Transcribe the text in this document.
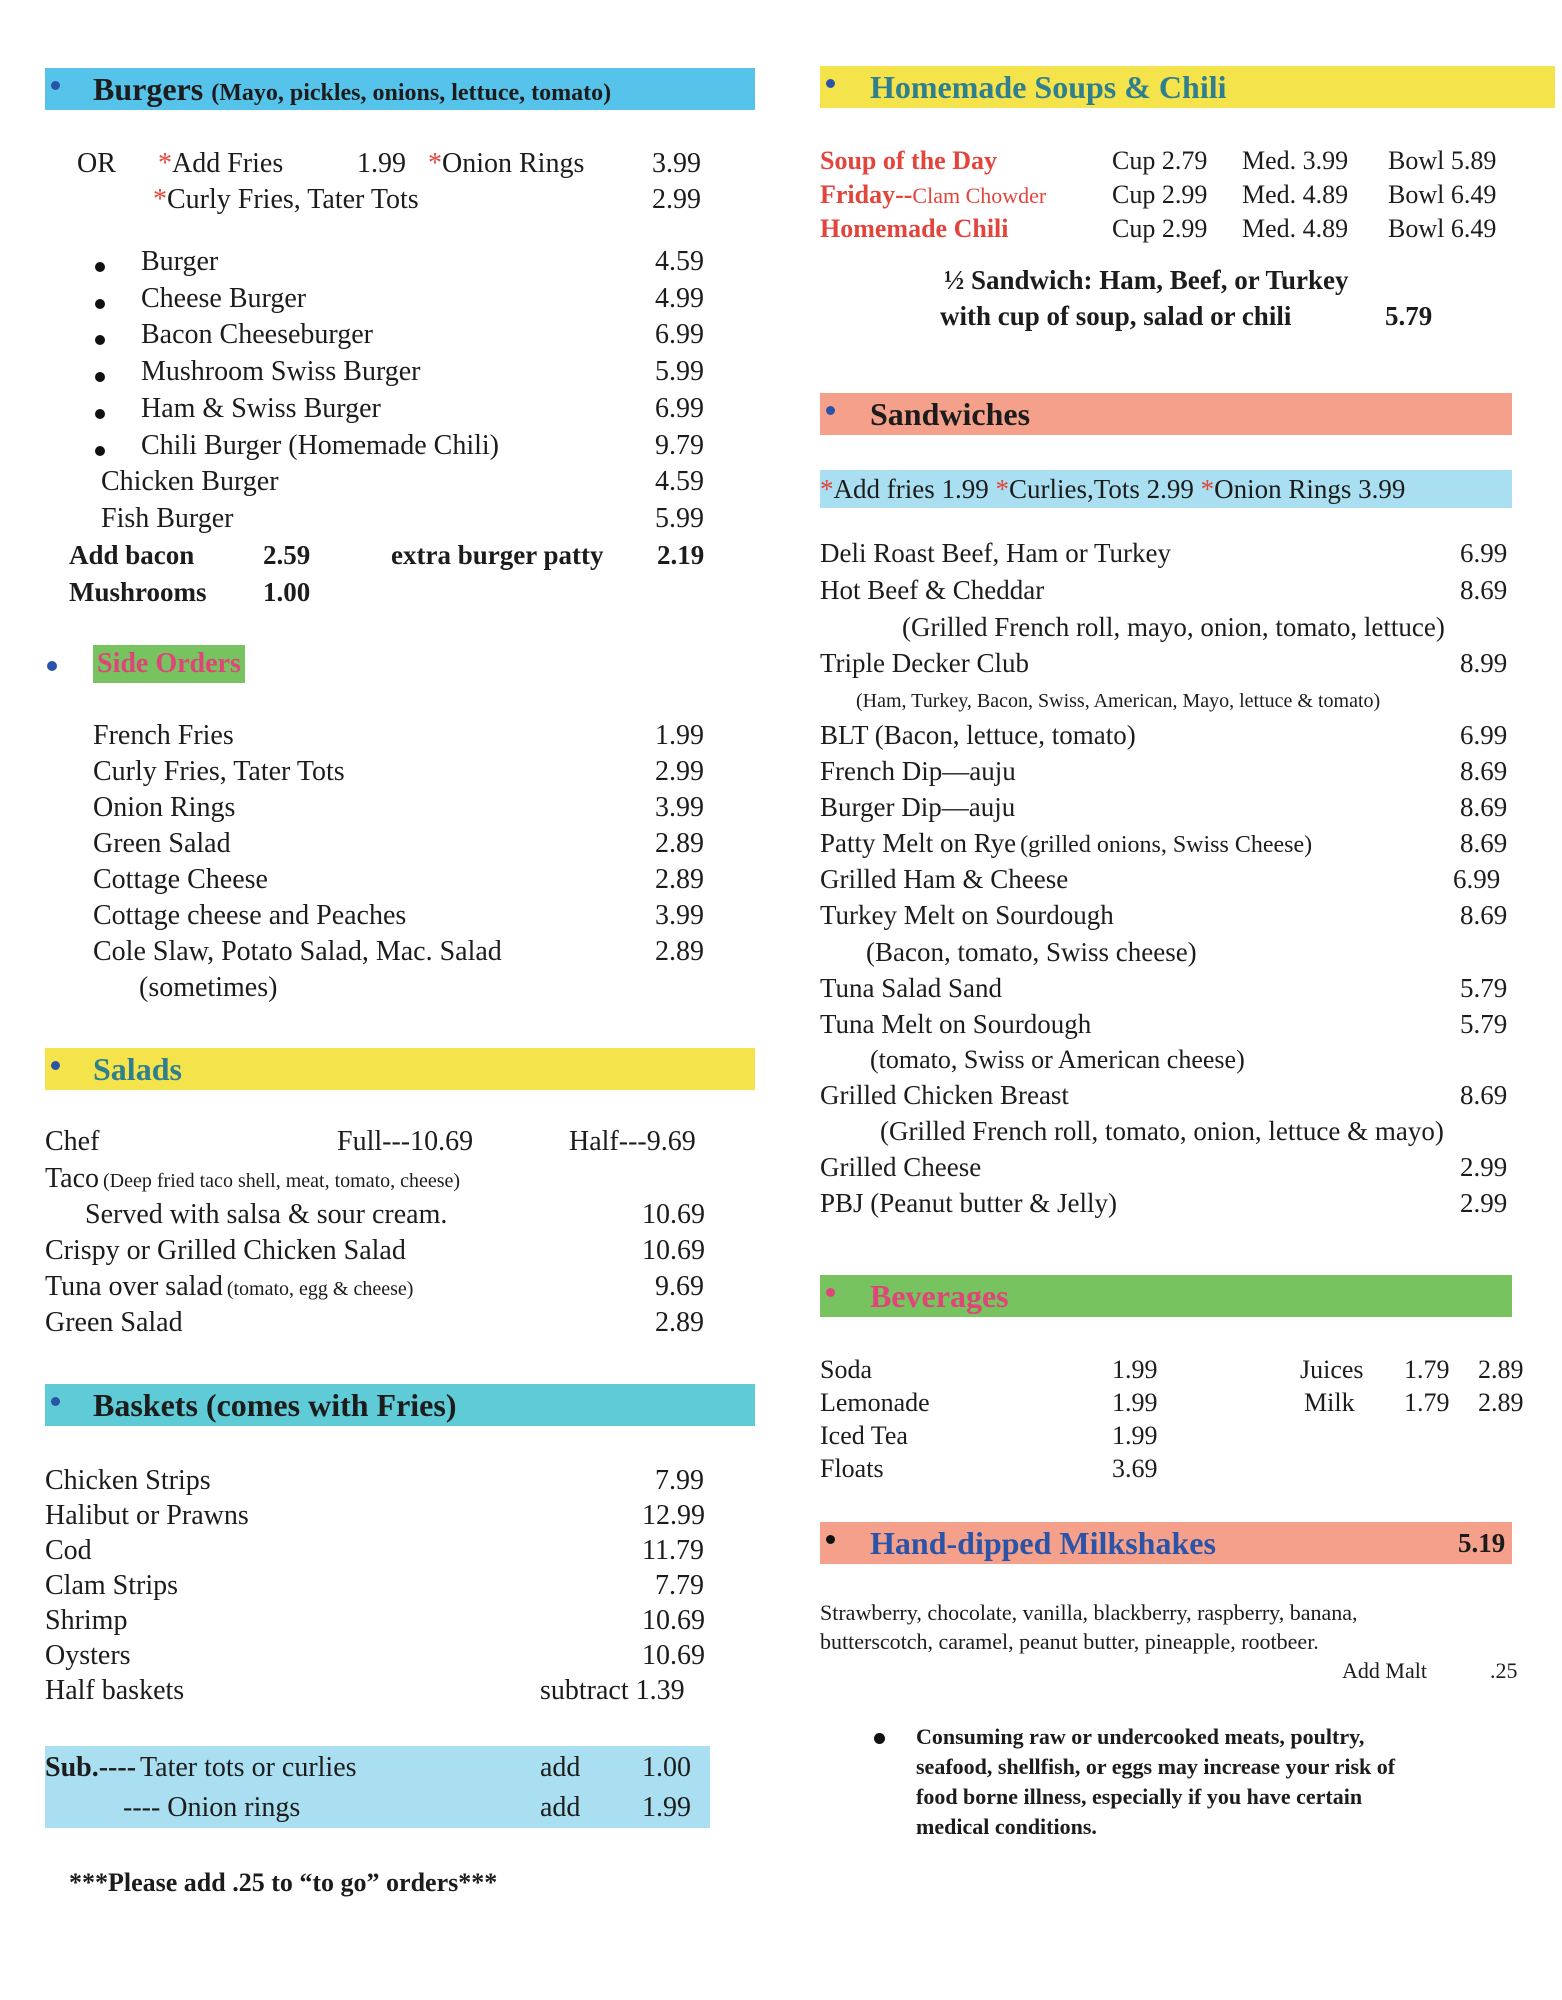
Burgers (Mayo, pickles, onions, lettuce, tomato)
OR *Add Fries	1.99 *Onion Rings 3.99
*Curly Fries, Tater Tots	2.99
Burger	4.59
Cheese Burger	4.99
Bacon Cheeseburger	6.99
Mushroom Swiss Burger	5.99
Ham & Swiss Burger	6.99
Chili Burger (Homemade Chili)	9.79
Chicken Burger	4.59
Fish Burger	5.99
Add bacon	2.59	extra burger patty 2.19
Mushrooms 1.00
Side Orders
French Fries	1.99
Curly Fries, Tater Tots	2.99
Onion Rings	3.99
Green Salad	2.89
Cottage Cheese	2.89
Cottage cheese and Peaches	3.99
Cole Slaw, Potato Salad, Mac. Salad	2.89
(sometimes)
Salads
Chef	Full---10.69	Half---9.69
Taco (Deep fried taco shell, meat, tomato, cheese)
Served with salsa & sour cream.	10.69
Crispy or Grilled Chicken Salad	10.69
Tuna over salad (tomato, egg & cheese)	9.69
Green Salad	2.89
Baskets (comes with Fries)
Chicken Strips	7.99
Halibut or Prawns	12.99
Cod	11.79
Clam Strips	7.79
Shrimp	10.69
Oysters	10.69
Half baskets	subtract 1.39
Sub.---- Tater tots or curlies	add 1.00
---- Onion rings	add 1.99
***Please add .25 to “to go” orders***
Homemade Soups & Chili
Soup of the Day	Cup 2.79 Med. 3.99 Bowl 5.89
Friday--Clam Chowder	Cup 2.99 Med. 4.89 Bowl 6.49
Homemade Chili	Cup 2.99 Med. 4.89 Bowl 6.49
½ Sandwich: Ham, Beef, or Turkey
with cup of soup, salad or chili	5.79
Sandwiches
*Add fries 1.99 *Curlies,Tots 2.99 *Onion Rings 3.99
Deli Roast Beef, Ham or Turkey	6.99
Hot Beef & Cheddar	8.69
(Grilled French roll, mayo, onion, tomato, lettuce)
Triple Decker Club	8.99
(Ham, Turkey, Bacon, Swiss, American, Mayo, lettuce & tomato)
BLT (Bacon, lettuce, tomato)	6.99
French Dip—auju	8.69
Burger Dip—auju	8.69
Patty Melt on Rye (grilled onions, Swiss Cheese)	8.69
Grilled Ham & Cheese	6.99
Turkey Melt on Sourdough	8.69
(Bacon, tomato, Swiss cheese)
Tuna Salad Sand	5.79
Tuna Melt on Sourdough	5.79
(tomato, Swiss or American cheese)
Grilled Chicken Breast	8.69
(Grilled French roll, tomato, onion, lettuce & mayo)
Grilled Cheese	2.99
PBJ (Peanut butter & Jelly)	2.99
Beverages
Soda	1.99
Lemonade	1.99
Iced Tea	1.99
Floats	3.69
Juices 1.79 2.89
Milk 1.79 2.89
Hand-dipped Milkshakes	5.19
Strawberry, chocolate, vanilla, blackberry, raspberry, banana,
butterscotch, caramel, peanut butter, pineapple, rootbeer.
Add Malt	.25
Consuming raw or undercooked meats, poultry,
seafood, shellfish, or eggs may increase your risk of
food borne illness, especially if you have certain
medical conditions.
